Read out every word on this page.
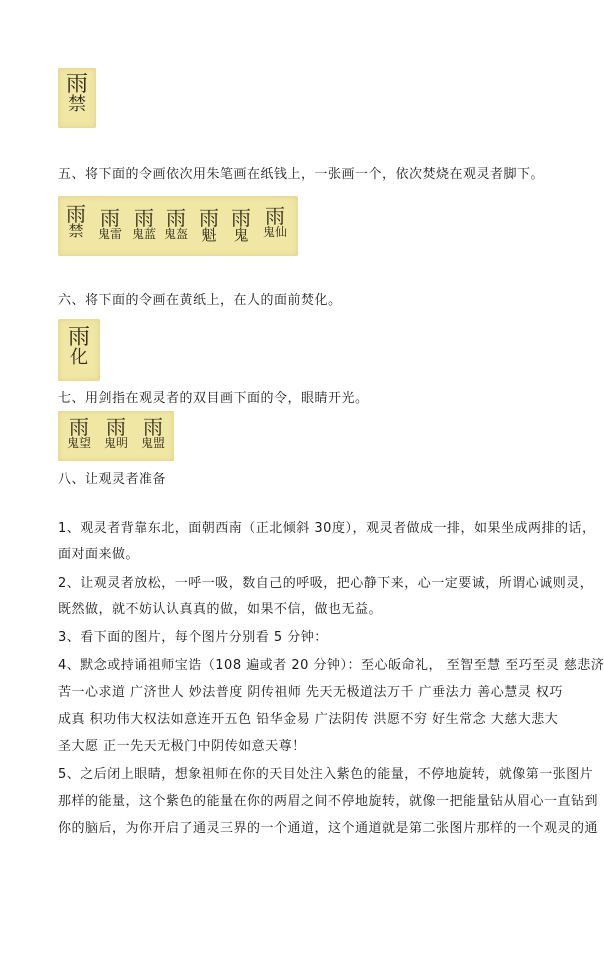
雨
禁
五、将下面的令画依次用朱笔画在纸钱上，一张画一个，依次焚烧在观灵者脚下。
雨
禁
雨
鬼雷
雨
鬼蓝
雨
鬼盔
雨
魁
雨
鬼
雨
鬼仙
六、将下面的令画在黄纸上，在人的面前焚化。
雨
化
七、用剑指在观灵者的双目画下面的令，眼睛开光。
雨
鬼望
雨
鬼明
雨
鬼盟
八、让观灵者准备
1、观灵者背靠东北，面朝西南（正北倾斜 30度），观灵者做成一排，如果坐成两排的话，
面对面来做。
2、让观灵者放松，一呼一吸，数自己的呼吸，把心静下来，心一定要诚，所谓心诚则灵，
既然做，就不妨认认真真的做，如果不信，做也无益。
3、看下面的图片，每个图片分别看 5 分钟：
4、默念或持诵祖师宝诰（108 遍或者 20 分钟）：至心皈命礼， 至智至慧 至巧至灵 慈悲济
苦一心求道 广济世人 妙法普度 阴传祖师 先天无极道法万千 广垂法力 善心慧灵 权巧
成真 积功伟大权法如意连开五色 铅华金易 广法阴传 洪愿不穷 好生常念 大慈大悲大
圣大愿 正一先天无极门中阴传如意天尊！
5、之后闭上眼睛，想象祖师在你的天目处注入紫色的能量，不停地旋转，就像第一张图片
那样的能量，这个紫色的能量在你的两眉之间不停地旋转，就像一把能量钻从眉心一直钻到
你的脑后，为你开启了通灵三界的一个通道，这个通道就是第二张图片那样的一个观灵的通
